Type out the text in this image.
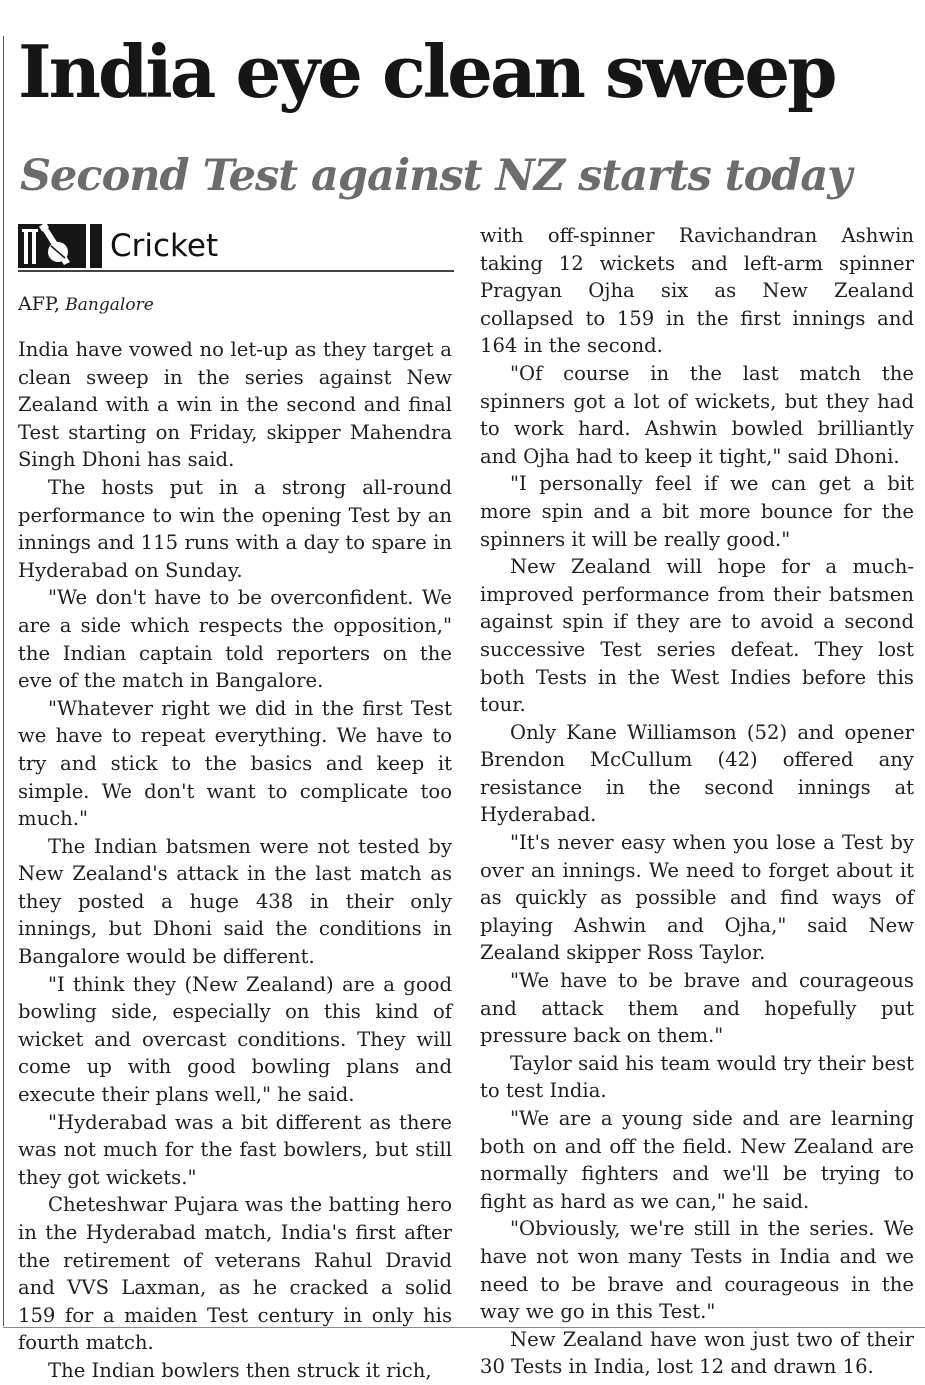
India eye clean sweep
Second Test against NZ starts today
Cricket
AFP, Bangalore

India have vowed no let-up as they target a clean sweep in the series against New Zealand with a win in the second and final Test starting on Friday, skipper Mahendra Singh Dhoni has said.

The hosts put in a strong all-round performance to win the opening Test by an innings and 115 runs with a day to spare in Hyderabad on Sunday.

"We don't have to be overconfident. We are a side which respects the opposition," the Indian captain told reporters on the eve of the match in Bangalore.

"Whatever right we did in the first Test we have to repeat everything. We have to try and stick to the basics and keep it simple. We don't want to complicate too much."

The Indian batsmen were not tested by New Zealand's attack in the last match as they posted a huge 438 in their only innings, but Dhoni said the conditions in Bangalore would be different.

"I think they (New Zealand) are a good bowling side, especially on this kind of wicket and overcast conditions. They will come up with good bowling plans and execute their plans well," he said.

"Hyderabad was a bit different as there was not much for the fast bowlers, but still they got wickets."

Cheteshwar Pujara was the batting hero in the Hyderabad match, India's first after the retirement of veterans Rahul Dravid and VVS Laxman, as he cracked a solid 159 for a maiden Test century in only his fourth match.

The Indian bowlers then struck it rich,

with off-spinner Ravichandran Ashwin taking 12 wickets and left-arm spinner Pragyan Ojha six as New Zealand collapsed to 159 in the first innings and 164 in the second.

"Of course in the last match the spinners got a lot of wickets, but they had to work hard. Ashwin bowled brilliantly and Ojha had to keep it tight," said Dhoni.

"I personally feel if we can get a bit more spin and a bit more bounce for the spinners it will be really good."

New Zealand will hope for a much-improved performance from their batsmen against spin if they are to avoid a second successive Test series defeat. They lost both Tests in the West Indies before this tour.

Only Kane Williamson (52) and opener Brendon McCullum (42) offered any resistance in the second innings at Hyderabad.

"It's never easy when you lose a Test by over an innings. We need to forget about it as quickly as possible and find ways of playing Ashwin and Ojha," said New Zealand skipper Ross Taylor.

"We have to be brave and courageous and attack them and hopefully put pressure back on them."

Taylor said his team would try their best to test India.

"We are a young side and are learning both on and off the field. New Zealand are normally fighters and we'll be trying to fight as hard as we can," he said.

"Obviously, we're still in the series. We have not won many Tests in India and we need to be brave and courageous in the way we go in this Test."

New Zealand have won just two of their 30 Tests in India, lost 12 and drawn 16.
